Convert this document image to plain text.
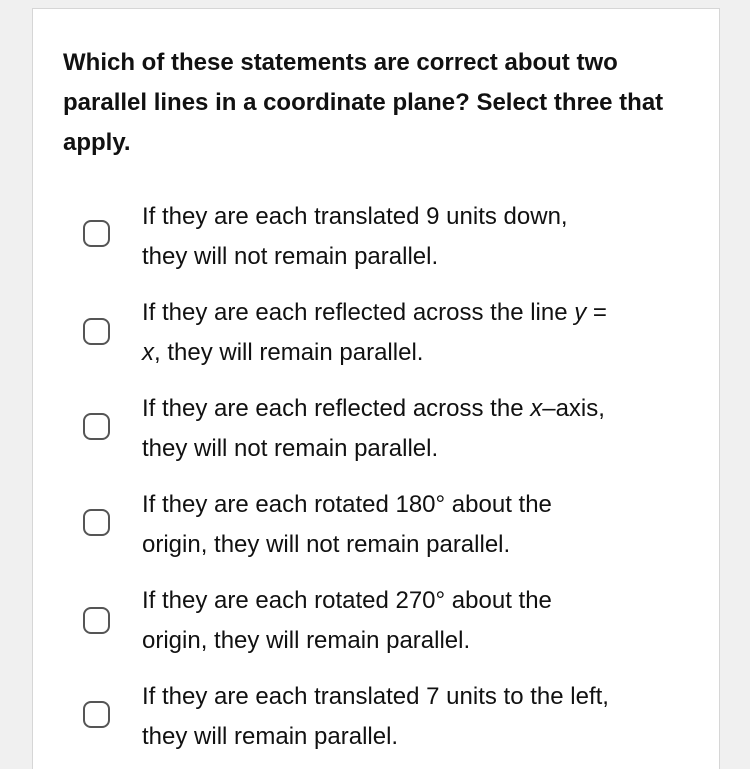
Which of these statements are correct about two parallel lines in a coordinate plane? Select three that apply.

If they are each translated 9 units down,
they will not remain parallel.
If they are each reflected across the line y =
x, they will remain parallel.
If they are each reflected across the x–axis,
they will not remain parallel.
If they are each rotated 180° about the
origin, they will not remain parallel.
If they are each rotated 270° about the
origin, they will remain parallel.
If they are each translated 7 units to the left,
they will remain parallel.
